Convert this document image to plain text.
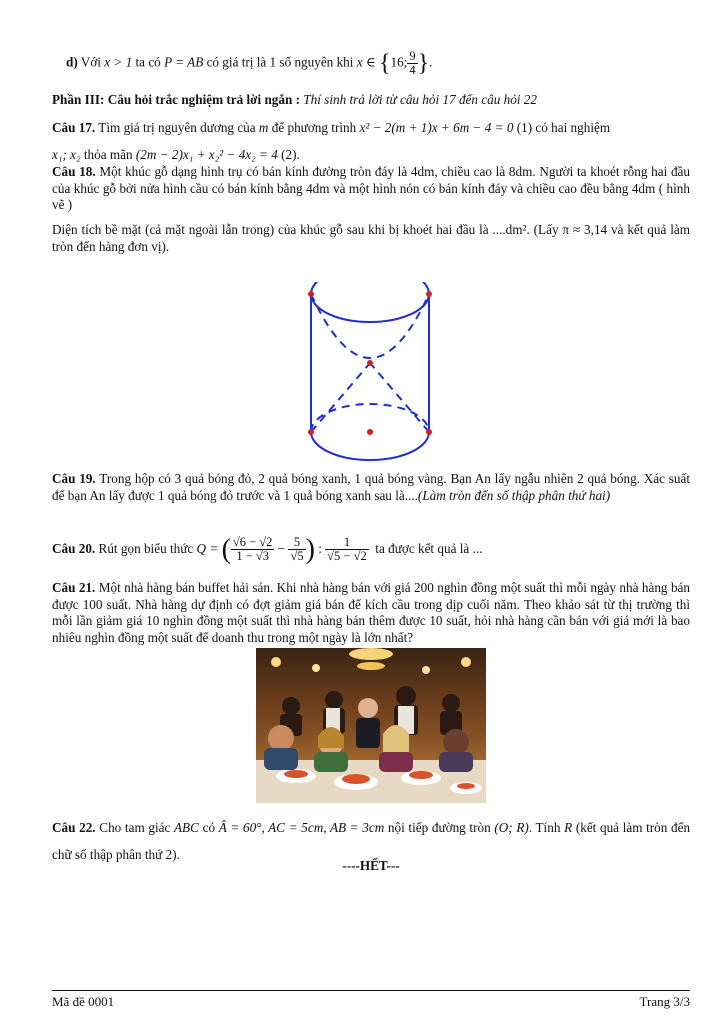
d) Với x > 1 ta có P = AB có giá trị là 1 số nguyên khi x ∈ {16; $\frac{9}{4}$ }.
Phần III: Câu hỏi trắc nghiệm trả lời ngắn : Thí sinh trả lời từ câu hỏi 17 đến câu hỏi 22
Câu 17. Tìm giá trị nguyên dương của m để phương trình x² − 2(m + 1)x + 6m − 4 = 0 (1) có hai nghiệm
x₁; x₂ thỏa mãn (2m − 2)x₁ + x₂² − 4x₂ = 4 (2).
Câu 18. Một khúc gỗ dạng hình trụ có bán kính đường tròn đáy là 4dm, chiều cao là 8dm. Người ta khoét rỗng hai đầu của khúc gỗ bởi nửa hình cầu có bán kính bằng 4dm và một hình nón có bán kính đáy và chiều cao đều bằng 4dm ( hình vẽ )
Diện tích bề mặt (cả mặt ngoài lẫn trong) của khúc gỗ sau khi bị khoét hai đầu là ....dm². (Lấy π ≈ 3,14 và kết quả làm tròn đến hàng đơn vị).
Câu 19. Trong hộp có 3 quả bóng đỏ, 2 quả bóng xanh, 1 quả bóng vàng. Bạn An lấy ngẫu nhiên 2 quả bóng. Xác suất để bạn An lấy được 1 quả bóng đỏ trước và 1 quả bóng xanh sau là....(Làm tròn đến số thập phân thứ hai)
Câu 20. Rút gọn biểu thức Q = ( $\frac{√6 - √2}{1 - √3} - \frac{5}{√5}$ ) : $\frac{1}{√5 - √2}$ ta được kết quả là ...
Câu 21. Một nhà hàng bán buffet hải sản. Khi nhà hàng bán với giá 200 nghìn đồng một suất thì mỗi ngày nhà hàng bán được 100 suất. Nhà hàng dự định có đợt giảm giá bán để kích cầu trong dịp cuối năm. Theo khảo sát từ thị trường thì mỗi lần giảm giá 10 nghìn đồng một suất thì nhà hàng bán thêm được 10 suất, hỏi nhà hàng cần bán với giá mới là bao nhiêu nghìn đồng một suất để doanh thu trong một ngày là lớn nhất?
Câu 22. Cho tam giác ABC có Â = 60°, AC = 5cm, AB = 3cm nội tiếp đường tròn (O; R). Tính R (kết quả làm tròn đến chữ số thập phân thứ 2).
----HẾT---
Mã đề 0001	Trang 3/3
